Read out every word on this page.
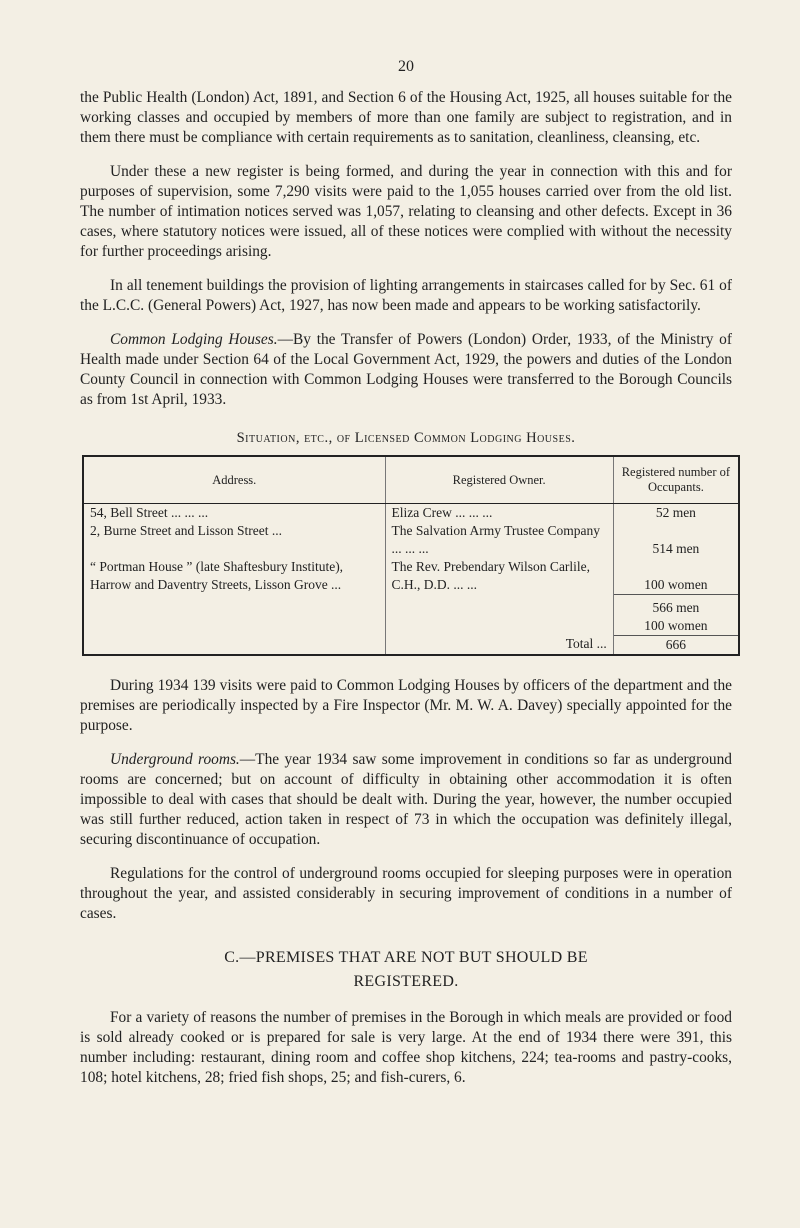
20

the Public Health (London) Act, 1891, and Section 6 of the Housing Act, 1925, all houses suitable for the working classes and occupied by members of more than one family are subject to registration, and in them there must be compliance with certain requirements as to sanitation, cleanliness, cleansing, etc.

Under these a new register is being formed, and during the year in connection with this and for purposes of supervision, some 7,290 visits were paid to the 1,055 houses carried over from the old list. The number of intimation notices served was 1,057, relating to cleansing and other defects. Except in 36 cases, where statutory notices were issued, all of these notices were complied with without the necessity for further proceedings arising.

In all tenement buildings the provision of lighting arrangements in staircases called for by Sec. 61 of the L.C.C. (General Powers) Act, 1927, has now been made and appears to be working satisfactorily.

Common Lodging Houses.—By the Transfer of Powers (London) Order, 1933, of the Ministry of Health made under Section 64 of the Local Government Act, 1929, the powers and duties of the London County Council in connection with Common Lodging Houses were transferred to the Borough Councils as from 1st April, 1933.

Situation, etc., of Licensed Common Lodging Houses.
Address.	Registered Owner.	Registered number of Occupants.
54, Bell Street ... ... ...	Eliza Crew ... ... ...	52 men
2, Burne Street and Lisson Street ...	The Salvation Army Trustee Company ... ... ...	514 men
“ Portman House ” (late Shaftesbury Institute), Harrow and Daventry Streets, Lisson Grove ...	The Rev. Prebendary Wilson Carlile, C.H., D.D. ... ...	100 women

		566 men
100 women

	Total ...	666

During 1934 139 visits were paid to Common Lodging Houses by officers of the department and the premises are periodically inspected by a Fire Inspector (Mr. M. W. A. Davey) specially appointed for the purpose.

Underground rooms.—The year 1934 saw some improvement in conditions so far as underground rooms are concerned; but on account of difficulty in obtaining other accommodation it is often impossible to deal with cases that should be dealt with. During the year, however, the number occupied was still further reduced, action taken in respect of 73 in which the occupation was definitely illegal, securing discontinuance of occupation.

Regulations for the control of underground rooms occupied for sleeping purposes were in operation throughout the year, and assisted considerably in securing improvement of conditions in a number of cases.

C.—PREMISES THAT ARE NOT BUT SHOULD BE
REGISTERED.

For a variety of reasons the number of premises in the Borough in which meals are provided or food is sold already cooked or is prepared for sale is very large. At the end of 1934 there were 391, this number including: restaurant, dining room and coffee shop kitchens, 224; tea-rooms and pastry-cooks, 108; hotel kitchens, 28; fried fish shops, 25; and fish-curers, 6.
